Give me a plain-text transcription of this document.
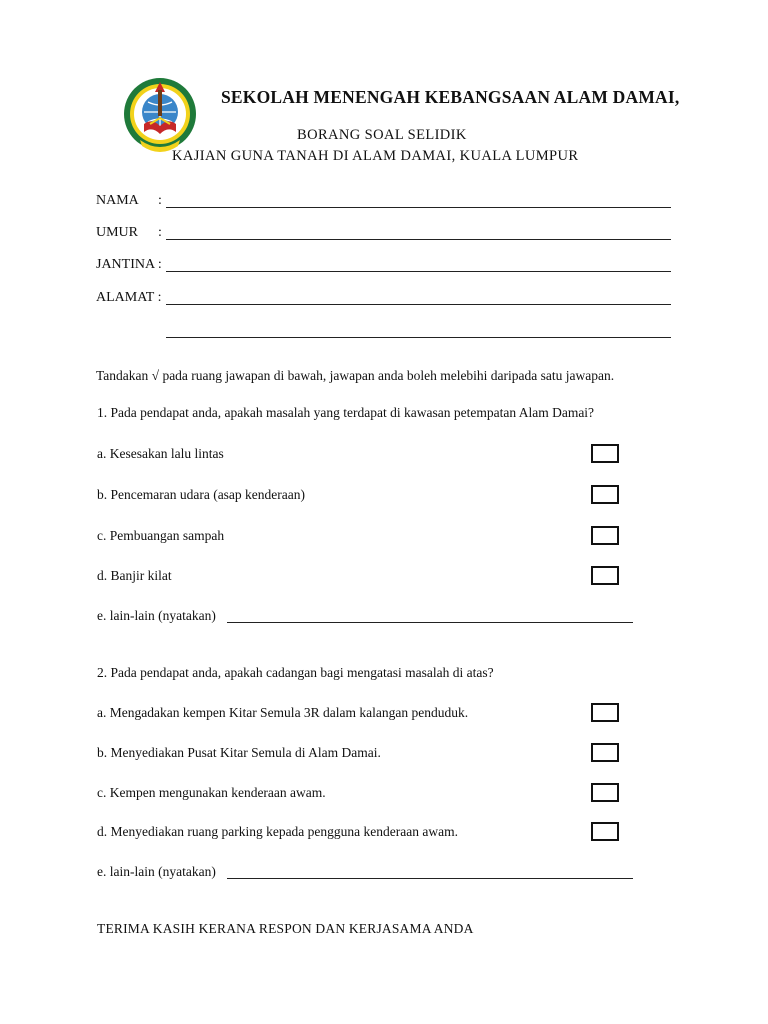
SEKOLAH MENENGAH KEBANGSAAN ALAM DAMAI,
BORANG SOAL SELIDIK
KAJIAN GUNA TANAH DI ALAM DAMAI, KUALA LUMPUR
NAMA :
UMUR :
JANTINA :
ALAMAT :
Tandakan √ pada ruang jawapan di bawah, jawapan anda boleh melebihi daripada satu jawapan.
1. Pada pendapat anda, apakah masalah yang terdapat di kawasan petempatan Alam Damai?
a. Kesesakan lalu lintas
b. Pencemaran udara (asap kenderaan)
c. Pembuangan sampah
d. Banjir kilat
e. lain-lain (nyatakan)
2. Pada pendapat anda, apakah cadangan bagi mengatasi masalah di atas?
a. Mengadakan kempen Kitar Semula 3R dalam kalangan penduduk.
b. Menyediakan Pusat Kitar Semula di Alam Damai.
c. Kempen mengunakan kenderaan awam.
d. Menyediakan ruang parking kepada pengguna kenderaan awam.
e. lain-lain (nyatakan)
TERIMA KASIH KERANA RESPON DAN KERJASAMA ANDA
